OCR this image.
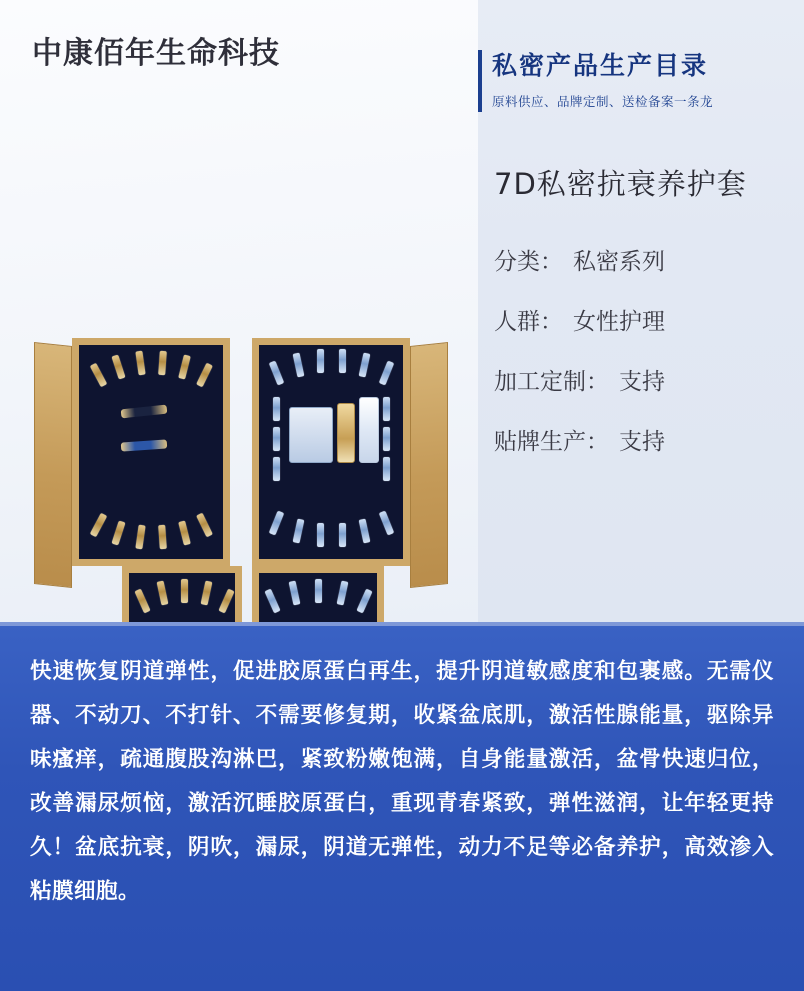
中康佰年生命科技	私密产品生产目录
原料供应、品牌定制、送检备案一条龙
7D私密抗衰养护套
分类： 私密系列
人群： 女性护理
加工定制： 支持
贴牌生产： 支持
快速恢复阴道弹性，促进胶原蛋白再生，提升阴道敏感度和包裹感。无需仪器、不动刀、不打针、不需要修复期，收紧盆底肌，激活性腺能量，驱除异味瘙痒，疏通腹股沟淋巴，紧致粉嫩饱满，自身能量激活，盆骨快速归位，改善漏尿烦恼，激活沉睡胶原蛋白，重现青春紧致，弹性滋润，让年轻更持久！盆底抗衰，阴吹，漏尿，阴道无弹性，动力不足等必备养护，高效渗入粘膜细胞。
